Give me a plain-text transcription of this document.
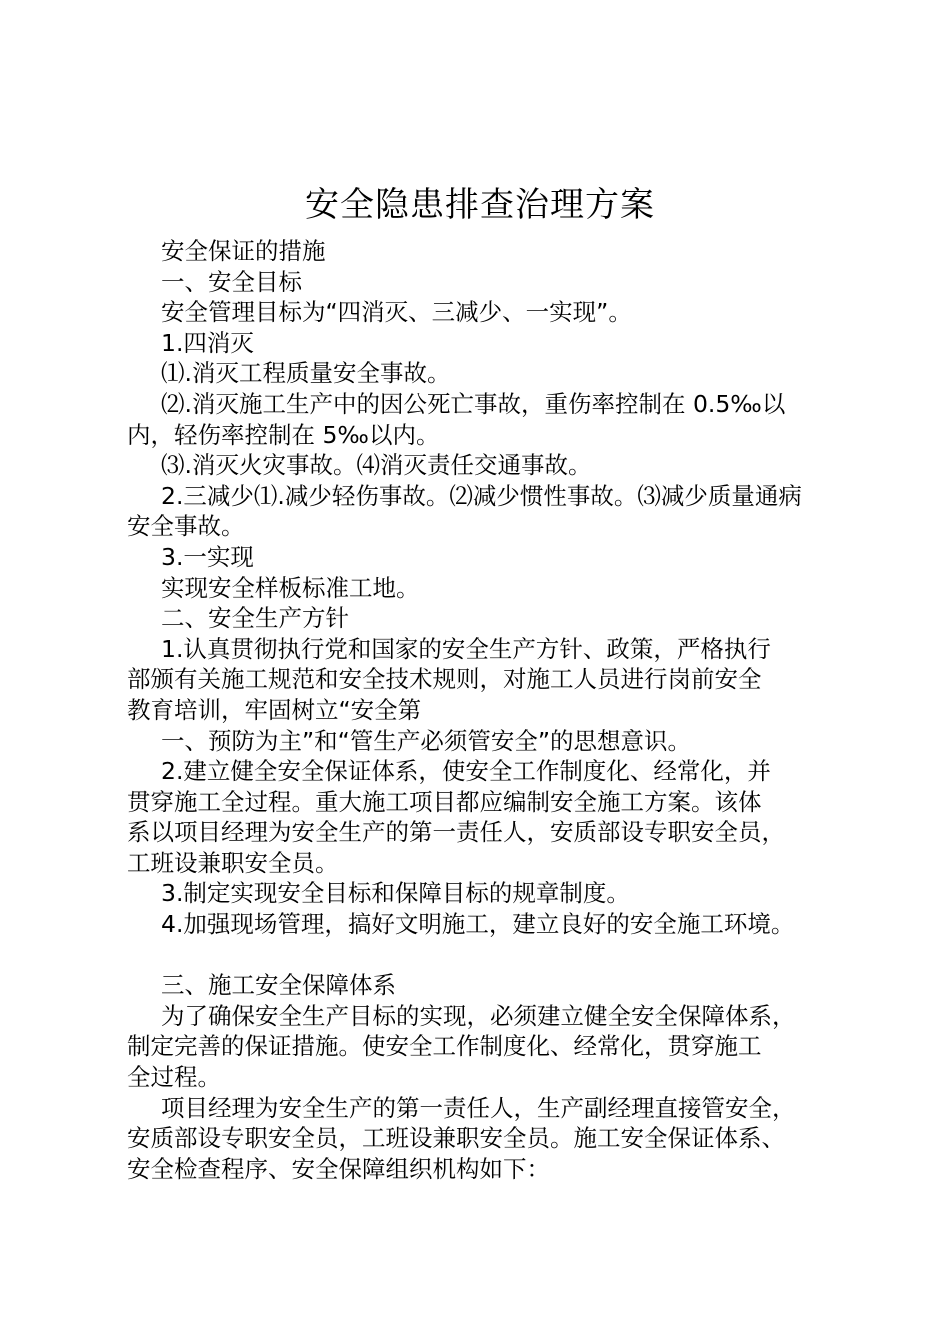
安全隐患排查治理方案
安全保证的措施
一、安全目标
安全管理目标为“四消灭、三减少、一实现”。
1.四消灭
⑴.消灭工程质量安全事故。
⑵.消灭施工生产中的因公死亡事故，重伤率控制在 0.5‰以
内，轻伤率控制在 5‰以内。
⑶.消灭火灾事故。⑷消灭责任交通事故。
2.三减少⑴.减少轻伤事故。⑵减少惯性事故。⑶减少质量通病
安全事故。
3.一实现
实现安全样板标准工地。
二、安全生产方针
1.认真贯彻执行党和国家的安全生产方针、政策，严格执行
部颁有关施工规范和安全技术规则，对施工人员进行岗前安全
教育培训，牢固树立“安全第
一、预防为主”和“管生产必须管安全”的思想意识。
2.建立健全安全保证体系，使安全工作制度化、经常化，并
贯穿施工全过程。重大施工项目都应编制安全施工方案。该体
系以项目经理为安全生产的第一责任人，安质部设专职安全员，
工班设兼职安全员。
3.制定实现安全目标和保障目标的规章制度。
4.加强现场管理，搞好文明施工，建立良好的安全施工环境。
三、施工安全保障体系
为了确保安全生产目标的实现，必须建立健全安全保障体系，
制定完善的保证措施。使安全工作制度化、经常化，贯穿施工
全过程。
项目经理为安全生产的第一责任人，生产副经理直接管安全，
安质部设专职安全员，工班设兼职安全员。施工安全保证体系、
安全检查程序、安全保障组织机构如下：
